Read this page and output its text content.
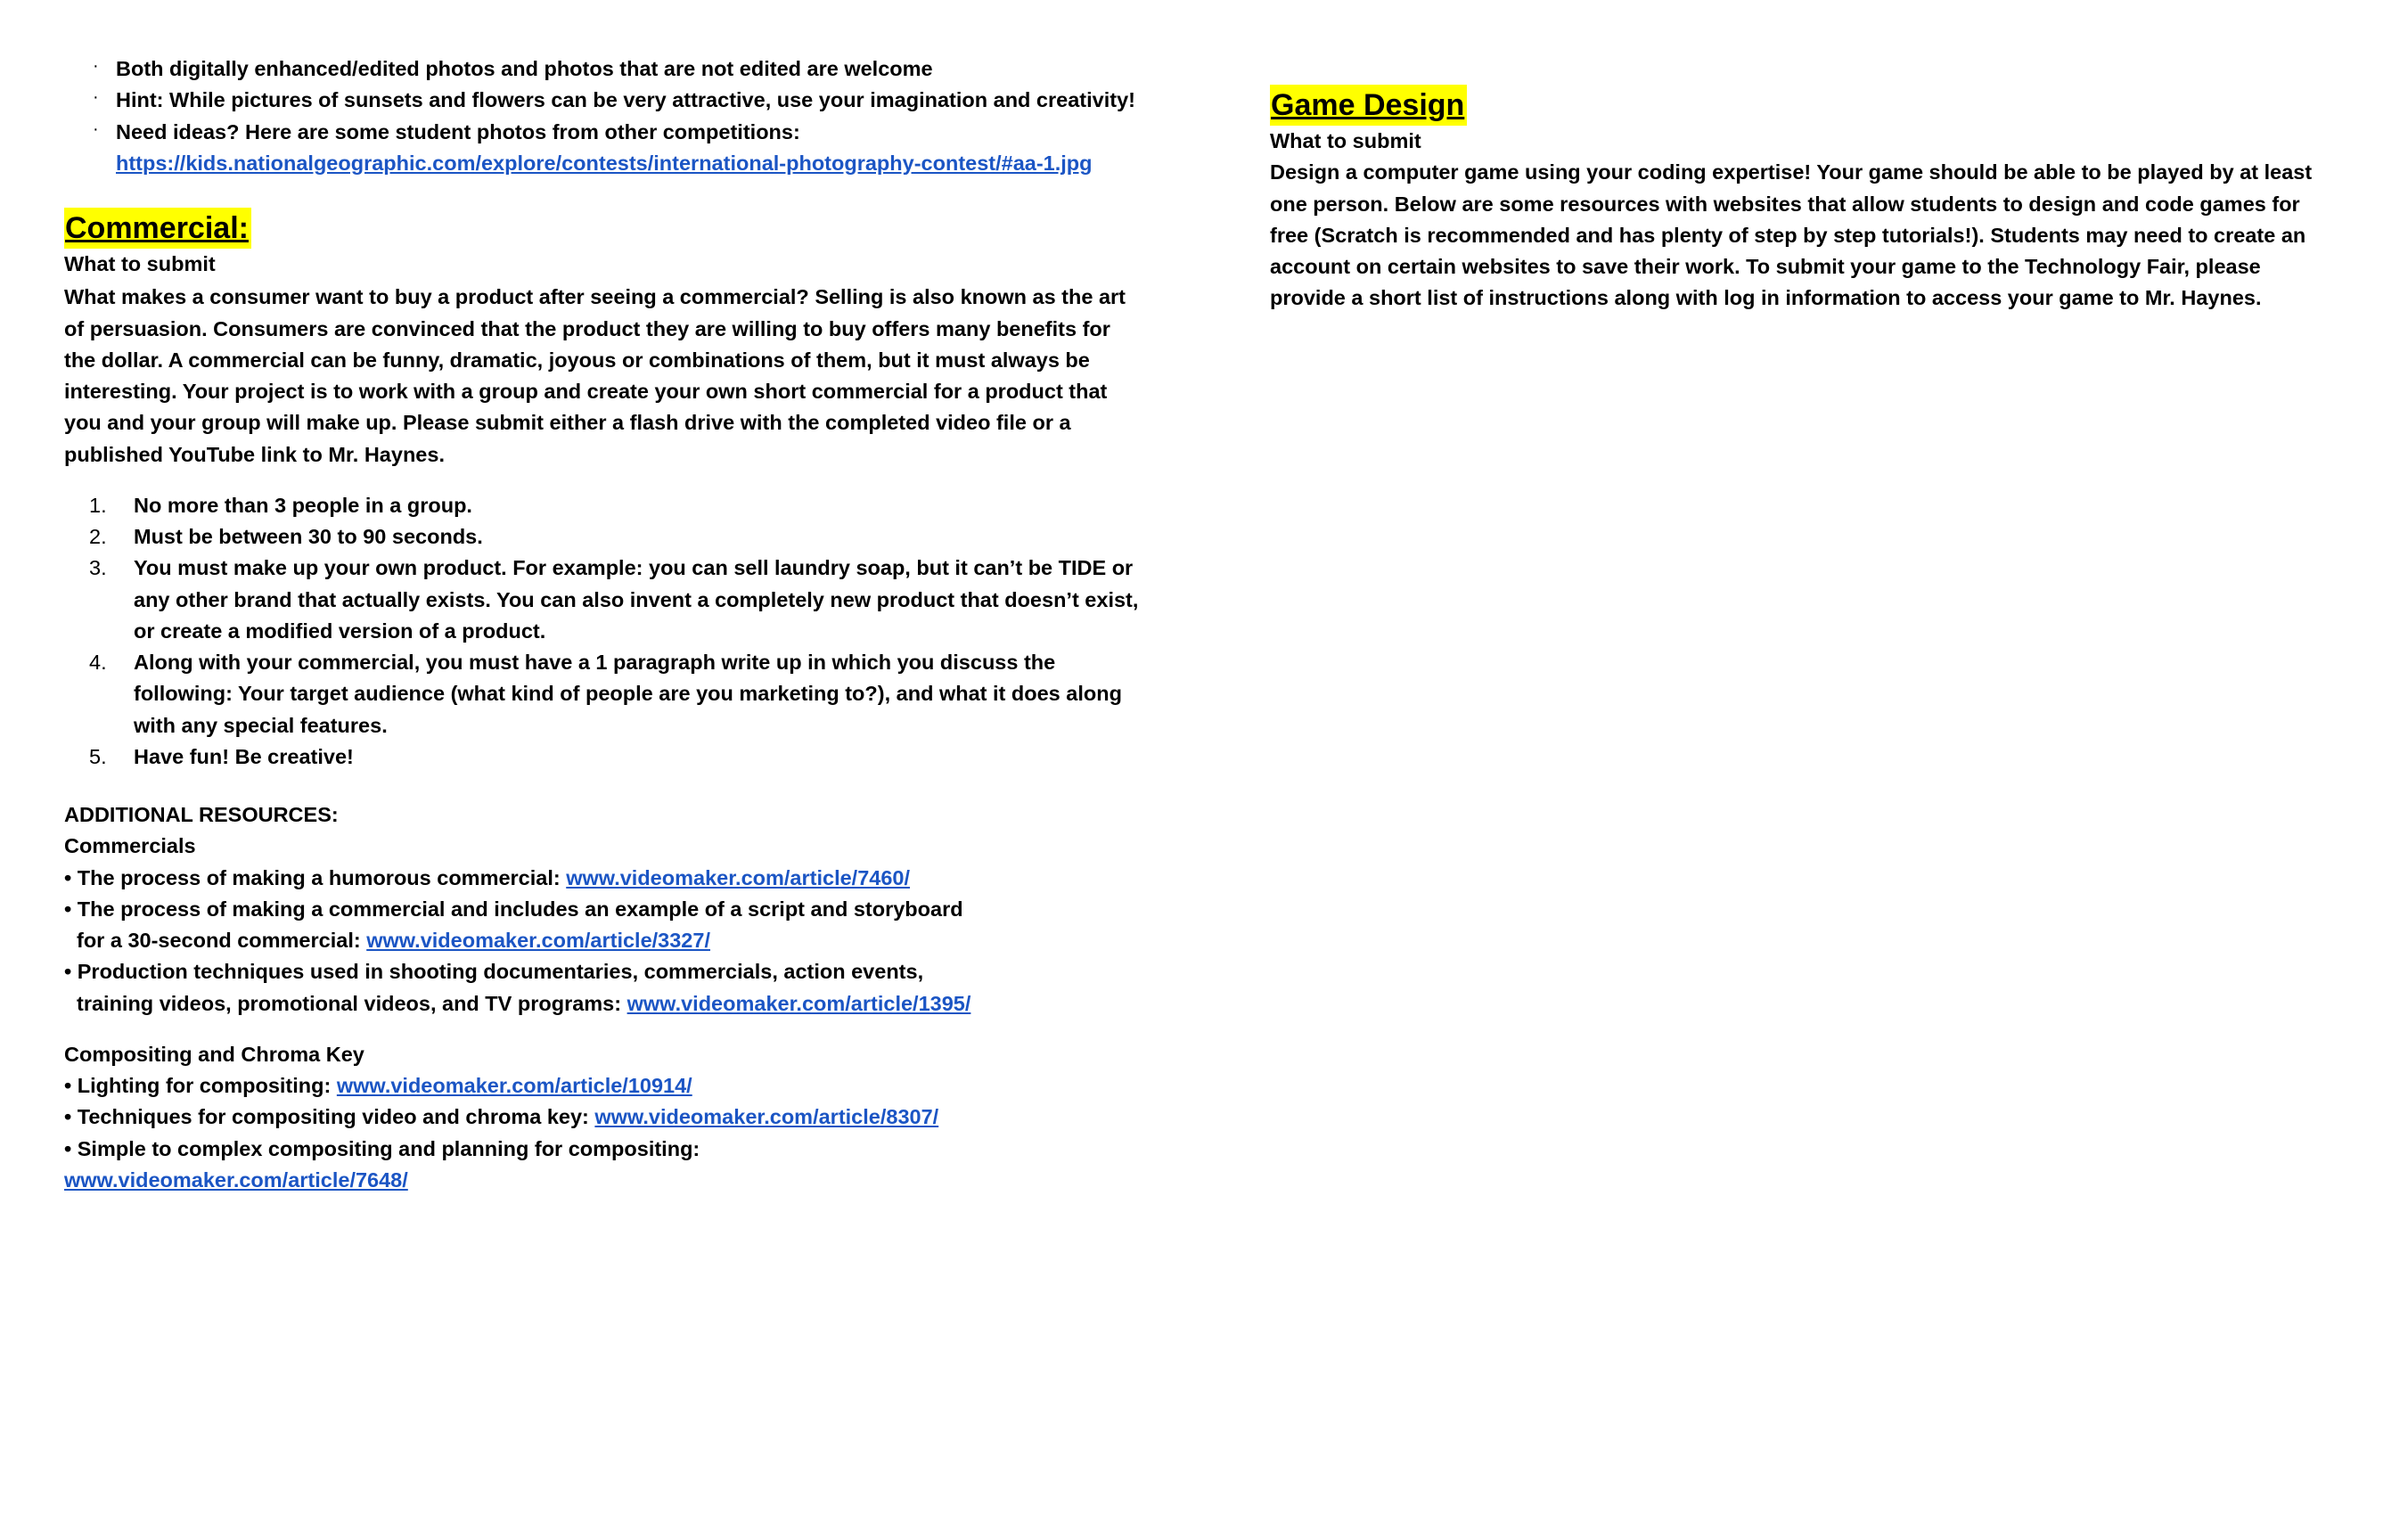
· Both digitally enhanced/edited photos and photos that are not edited are welcome
· Hint: While pictures of sunsets and flowers can be very attractive, use your imagination and creativity!
· Need ideas? Here are some student photos from other competitions:
https://kids.nationalgeographic.com/explore/contests/international-photography-contest/#aa-1.jpg
Commercial:

What to submit

What makes a consumer want to buy a product after seeing a commercial? Selling is also known as the art of persuasion. Consumers are convinced that the product they are willing to buy offers many benefits for the dollar. A commercial can be funny, dramatic, joyous or combinations of them, but it must always be interesting. Your project is to work with a group and create your own short commercial for a product that you and your group will make up. Please submit either a flash drive with the completed video file or a published YouTube link to Mr. Haynes.

No more than 3 people in a group.
Must be between 30 to 90 seconds.
You must make up your own product. For example: you can sell laundry soap, but it can’t be TIDE or any other brand that actually exists. You can also invent a completely new product that doesn’t exist, or create a modified version of a product.
Along with your commercial, you must have a 1 paragraph write up in which you discuss the following: Your target audience (what kind of people are you marketing to?), and what it does along with any special features.
Have fun! Be creative!

ADDITIONAL RESOURCES:

Commercials

• The process of making a humorous commercial: www.videomaker.com/article/7460/

• The process of making a commercial and includes an example of a script and storyboard
for a 30-second commercial: www.videomaker.com/article/3327/

• Production techniques used in shooting documentaries, commercials, action events,
training videos, promotional videos, and TV programs: www.videomaker.com/article/1395/

Compositing and Chroma Key

• Lighting for compositing: www.videomaker.com/article/10914/

• Techniques for compositing video and chroma key: www.videomaker.com/article/8307/

• Simple to complex compositing and planning for compositing:

www.videomaker.com/article/7648/

Game Design

What to submit

Design a computer game using your coding expertise! Your game should be able to be played by at least one person. Below are some resources with websites that allow students to design and code games for free (Scratch is recommended and has plenty of step by step tutorials!). Students may need to create an account on certain websites to save their work. To submit your game to the Technology Fair, please provide a short list of instructions along with log in information to access your game to Mr. Haynes.
